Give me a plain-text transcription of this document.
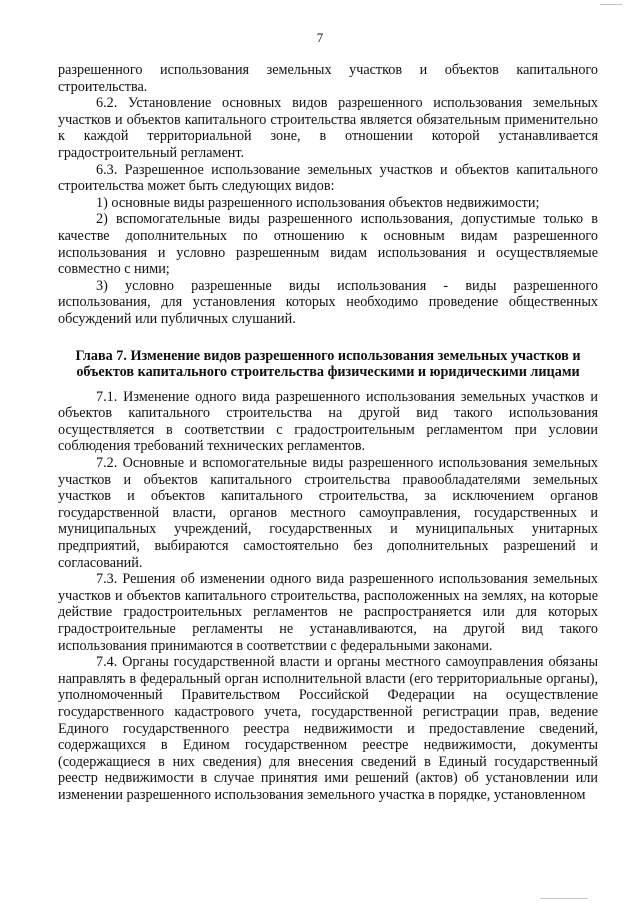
7

разрешенного использования земельных участков и объектов капитального строительства.

6.2. Установление основных видов разрешенного использования земельных участков и объектов капитального строительства является обязательным применительно к каждой территориальной зоне, в отношении которой устанавливается градостроительный регламент.

6.3. Разрешенное использование земельных участков и объектов капитального строительства может быть следующих видов:

1) основные виды разрешенного использования объектов недвижимости;

2) вспомогательные виды разрешенного использования, допустимые только в качестве дополнительных по отношению к основным видам разрешенного использования и условно разрешенным видам использования и осуществляемые совместно с ними;

3) условно разрешенные виды использования - виды разрешенного использования, для установления которых необходимо проведение общественных обсуждений или публичных слушаний.

Глава 7. Изменение видов разрешенного использования земельных участков и объектов капитального строительства физическими и юридическими лицами

7.1. Изменение одного вида разрешенного использования земельных участков и объектов капитального строительства на другой вид такого использования осуществляется в соответствии с градостроительным регламентом при условии соблюдения требований технических регламентов.

7.2. Основные и вспомогательные виды разрешенного использования земельных участков и объектов капитального строительства правообладателями земельных участков и объектов капитального строительства, за исключением органов государственной власти, органов местного самоуправления, государственных и муниципальных учреждений, государственных и муниципальных унитарных предприятий, выбираются самостоятельно без дополнительных разрешений и согласований.

7.3. Решения об изменении одного вида разрешенного использования земельных участков и объектов капитального строительства, расположенных на землях, на которые действие градостроительных регламентов не распространяется или для которых градостроительные регламенты не устанавливаются, на другой вид такого использования принимаются в соответствии с федеральными законами.

7.4. Органы государственной власти и органы местного самоуправления обязаны направлять в федеральный орган исполнительной власти (его территориальные органы), уполномоченный Правительством Российской Федерации на осуществление государственного кадастрового учета, государственной регистрации прав, ведение Единого государственного реестра недвижимости и предоставление сведений, содержащихся в Едином государственном реестре недвижимости, документы (содержащиеся в них сведения) для внесения сведений в Единый государственный реестр недвижимости в случае принятия ими решений (актов) об установлении или изменении разрешенного использования земельного участка в порядке, установленном
